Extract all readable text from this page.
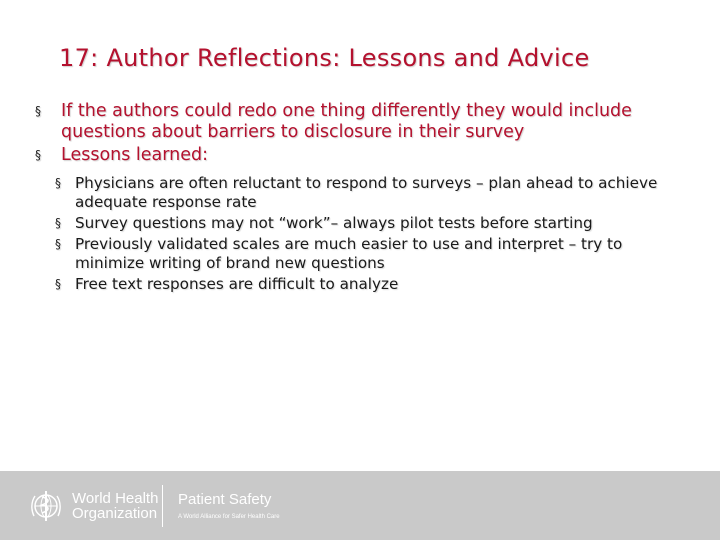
17: Author Reflections: Lessons and Advice
§ If the authors could redo one thing differently they would include questions about barriers to disclosure in their survey
§ Lessons learned:
§ Physicians are often reluctant to respond to surveys – plan ahead to achieve adequate response rate
§ Survey questions may not “work”– always pilot tests before starting
§ Previously validated scales are much easier to use and interpret – try to minimize writing of brand new questions
§ Free text responses are difficult to analyze
World Health
Organization
Patient Safety
A World Alliance for Safer Health Care
